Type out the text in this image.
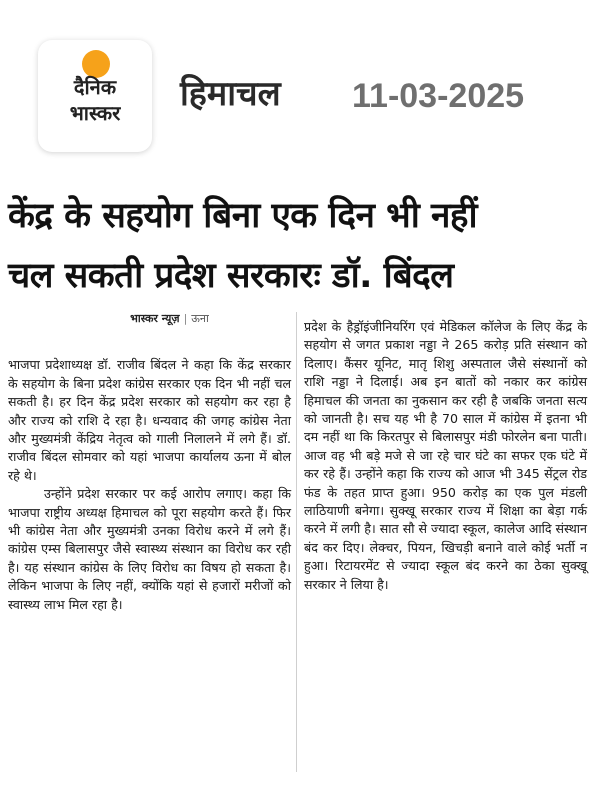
दैनिक
भास्कर	हिमाचल 11-03-2025
केंद्र के सहयोग बिना एक दिन भी नहीं
चल सकती प्रदेश सरकारः डॉ. बिंदल
भास्कर न्यूज़ | ऊना

भाजपा प्रदेशाध्यक्ष डॉ. राजीव बिंदल ने कहा कि केंद्र सरकार के सहयोग के बिना प्रदेश कांग्रेस सरकार एक दिन भी नहीं चल सकती है। हर दिन केंद्र प्रदेश सरकार को सहयोग कर रहा है और राज्य को राशि दे रहा है। धन्यवाद की जगह कांग्रेस नेता और मुख्यमंत्री केंद्रिय नेतृत्व को गाली निलालने में लगे हैं। डॉ. राजीव बिंदल सोमवार को यहां भाजपा कार्यालय ऊना में बोल रहे थे।

उन्होंने प्रदेश सरकार पर कई आरोप लगाए। कहा कि भाजपा राष्ट्रीय अध्यक्ष हिमाचल को पूरा सहयोग करते हैं। फिर भी कांग्रेस नेता और मुख्यमंत्री उनका विरोध करने में लगे हैं। कांग्रेस एम्स बिलासपुर जैसे स्वास्थ्य संस्थान का विरोध कर रही है। यह संस्थान कांग्रेस के लिए विरोध का विषय हो सकता है। लेकिन भाजपा के लिए नहीं, क्योंकि यहां से हजारों मरीजों को स्वास्थ्य लाभ मिल रहा है।

प्रदेश के हैड्रॉइंजीनियरिंग एवं मेडिकल कॉलेज के लिए केंद्र के सहयोग से जगत प्रकाश नड्डा ने 265 करोड़ प्रति संस्थान को दिलाए। कैंसर यूनिट, मातृ शिशु अस्पताल जैसे संस्थानों को राशि नड्डा ने दिलाई। अब इन बातों को नकार कर कांग्रेस हिमाचल की जनता का नुकसान कर रही है जबकि जनता सत्य को जानती है। सच यह भी है 70 साल में कांग्रेस में इतना भी दम नहीं था कि किरतपुर से बिलासपुर मंडी फोरलेन बना पाती। आज वह भी बड़े मजे से जा रहे चार घंटे का सफर एक घंटे में कर रहे हैं। उन्होंने कहा कि राज्य को आज भी 345 सेंट्रल रोड फंड के तहत प्राप्त हुआ। 950 करोड़ का एक पुल मंडली लाठियाणी बनेगा। सुक्खू सरकार राज्य में शिक्षा का बेड़ा गर्क करने में लगी है। सात सौ से ज्यादा स्कूल, कालेज आदि संस्थान बंद कर दिए। लेक्चर, पियन, खिचड़ी बनाने वाले कोई भर्ती न हुआ। रिटायरमेंट से ज्यादा स्कूल बंद करने का ठेका सुक्खू सरकार ने लिया है।
